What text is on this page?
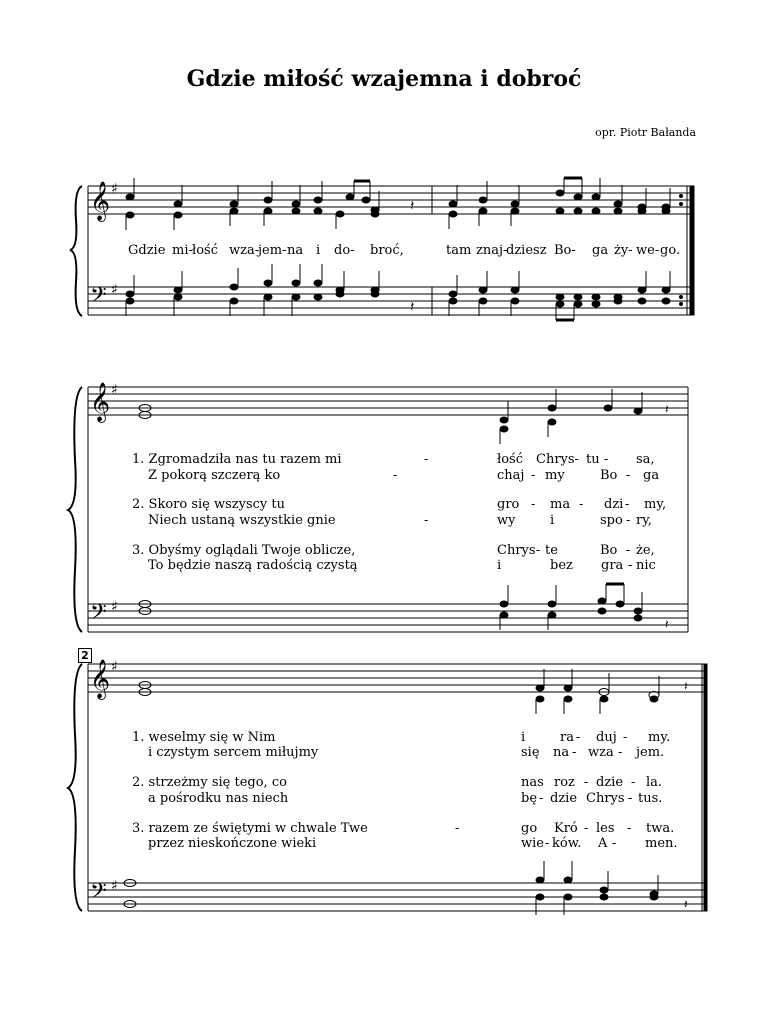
Gdzie miłość wzajemna i dobroć
opr. Piotr Bałanda
2
𝄞
𝄢
♯
♯
𝄞
𝄢
♯
♯
𝄞
𝄢
♯
♯
𝄽
𝄽
𝄽
𝄽
𝄽
𝄽
Gdzie mi- łość wza-
jem- na i do- broć,	tam znaj-
dziesz Bo- ga ży- we- go.
1. Zgromadziła nas tu razem mi	-	łość Chrys- tu - sa,
Z pokorą szczerą ko	-	chaj - my	Bo - ga
2. Skoro się wszyscy tu	gro - ma - dzi - my,
Niech ustaną wszystkie gnie	-	wy	i	spo - ry,
3. Obyśmy oglądali Twoje oblicze,	Chrys - te	Bo - że,
To będzie naszą radością czystą	i	bez gra - nic
1. weselmy się w Nim	i	ra - duj - my.
i czystym sercem miłujmy	się na - wza - jem.
2. strzeżmy się tego, co	nas roz - dzie - la.
a pośrodku nas niech	bę - dzie Chrys - tus.
3. razem ze świętymi w chwale Twe	-	go Kró - les - twa.
przez nieskończone wieki	wie - ków. A - men.
